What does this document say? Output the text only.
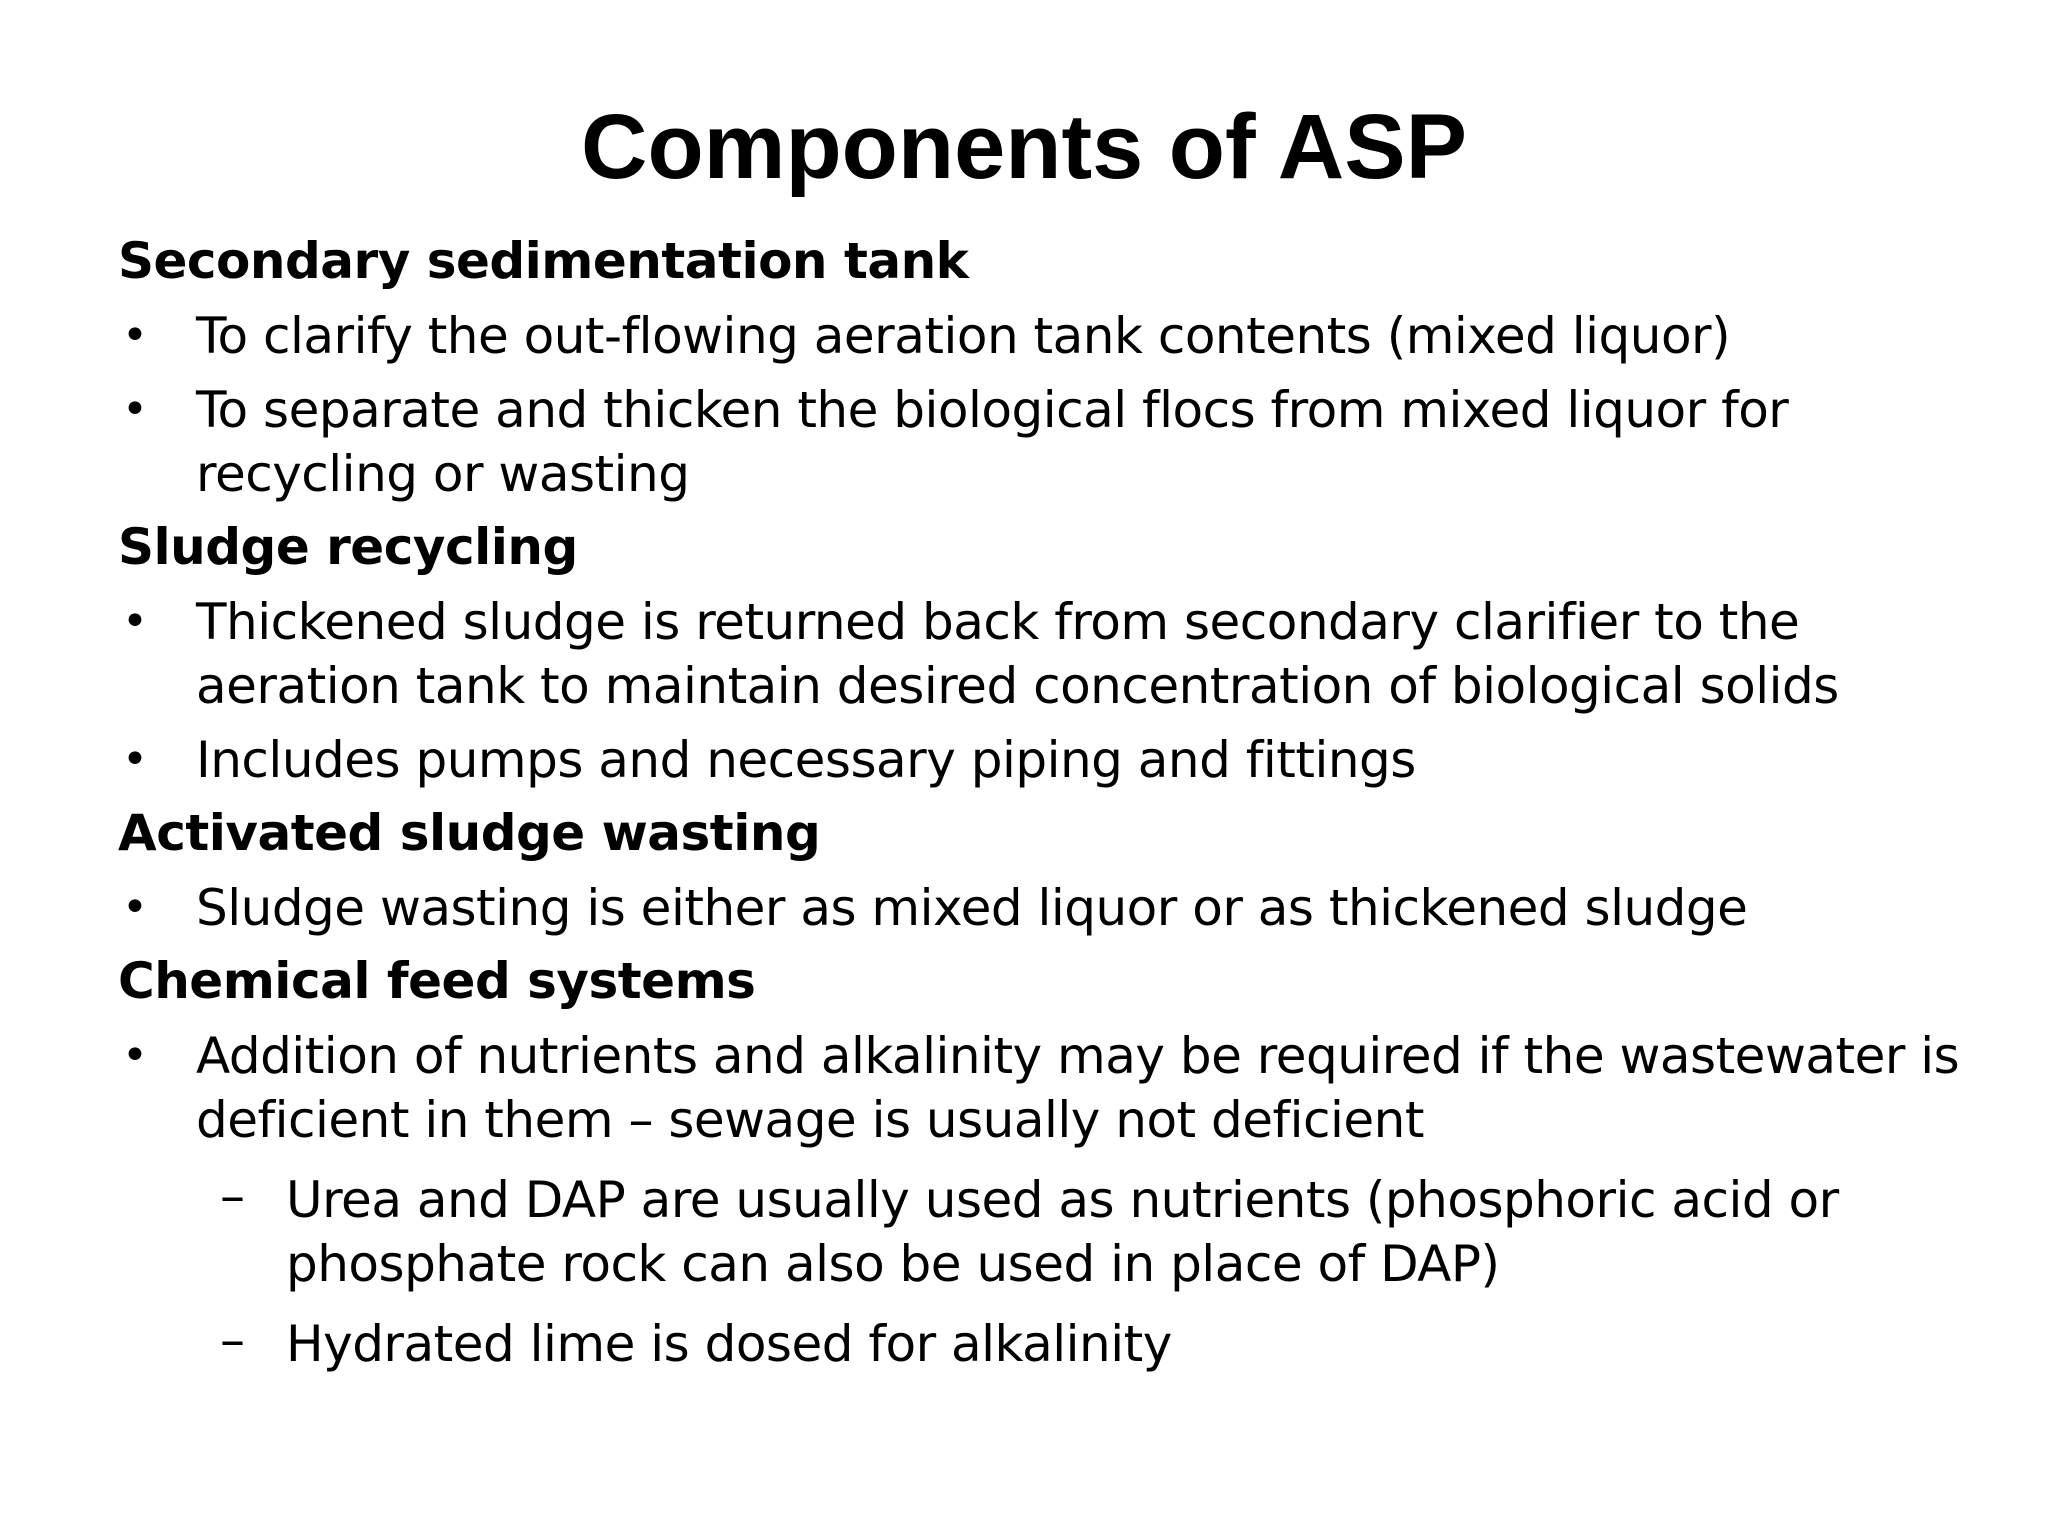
Components of ASP

Secondary sedimentation tank

• To clarify the out-flowing aeration tank contents (mixed liquor)
• To separate and thicken the biological flocs from mixed liquor for recycling or wasting

Sludge recycling

• Thickened sludge is returned back from secondary clarifier to the aeration tank to maintain desired concentration of biological solids
• Includes pumps and necessary piping and fittings

Activated sludge wasting

• Sludge wasting is either as mixed liquor or as thickened sludge

Chemical feed systems

• Addition of nutrients and alkalinity may be required if the wastewater is deficient in them – sewage is usually not deficient
– Urea and DAP are usually used as nutrients (phosphoric acid or phosphate rock can also be used in place of DAP)
– Hydrated lime is dosed for alkalinity
